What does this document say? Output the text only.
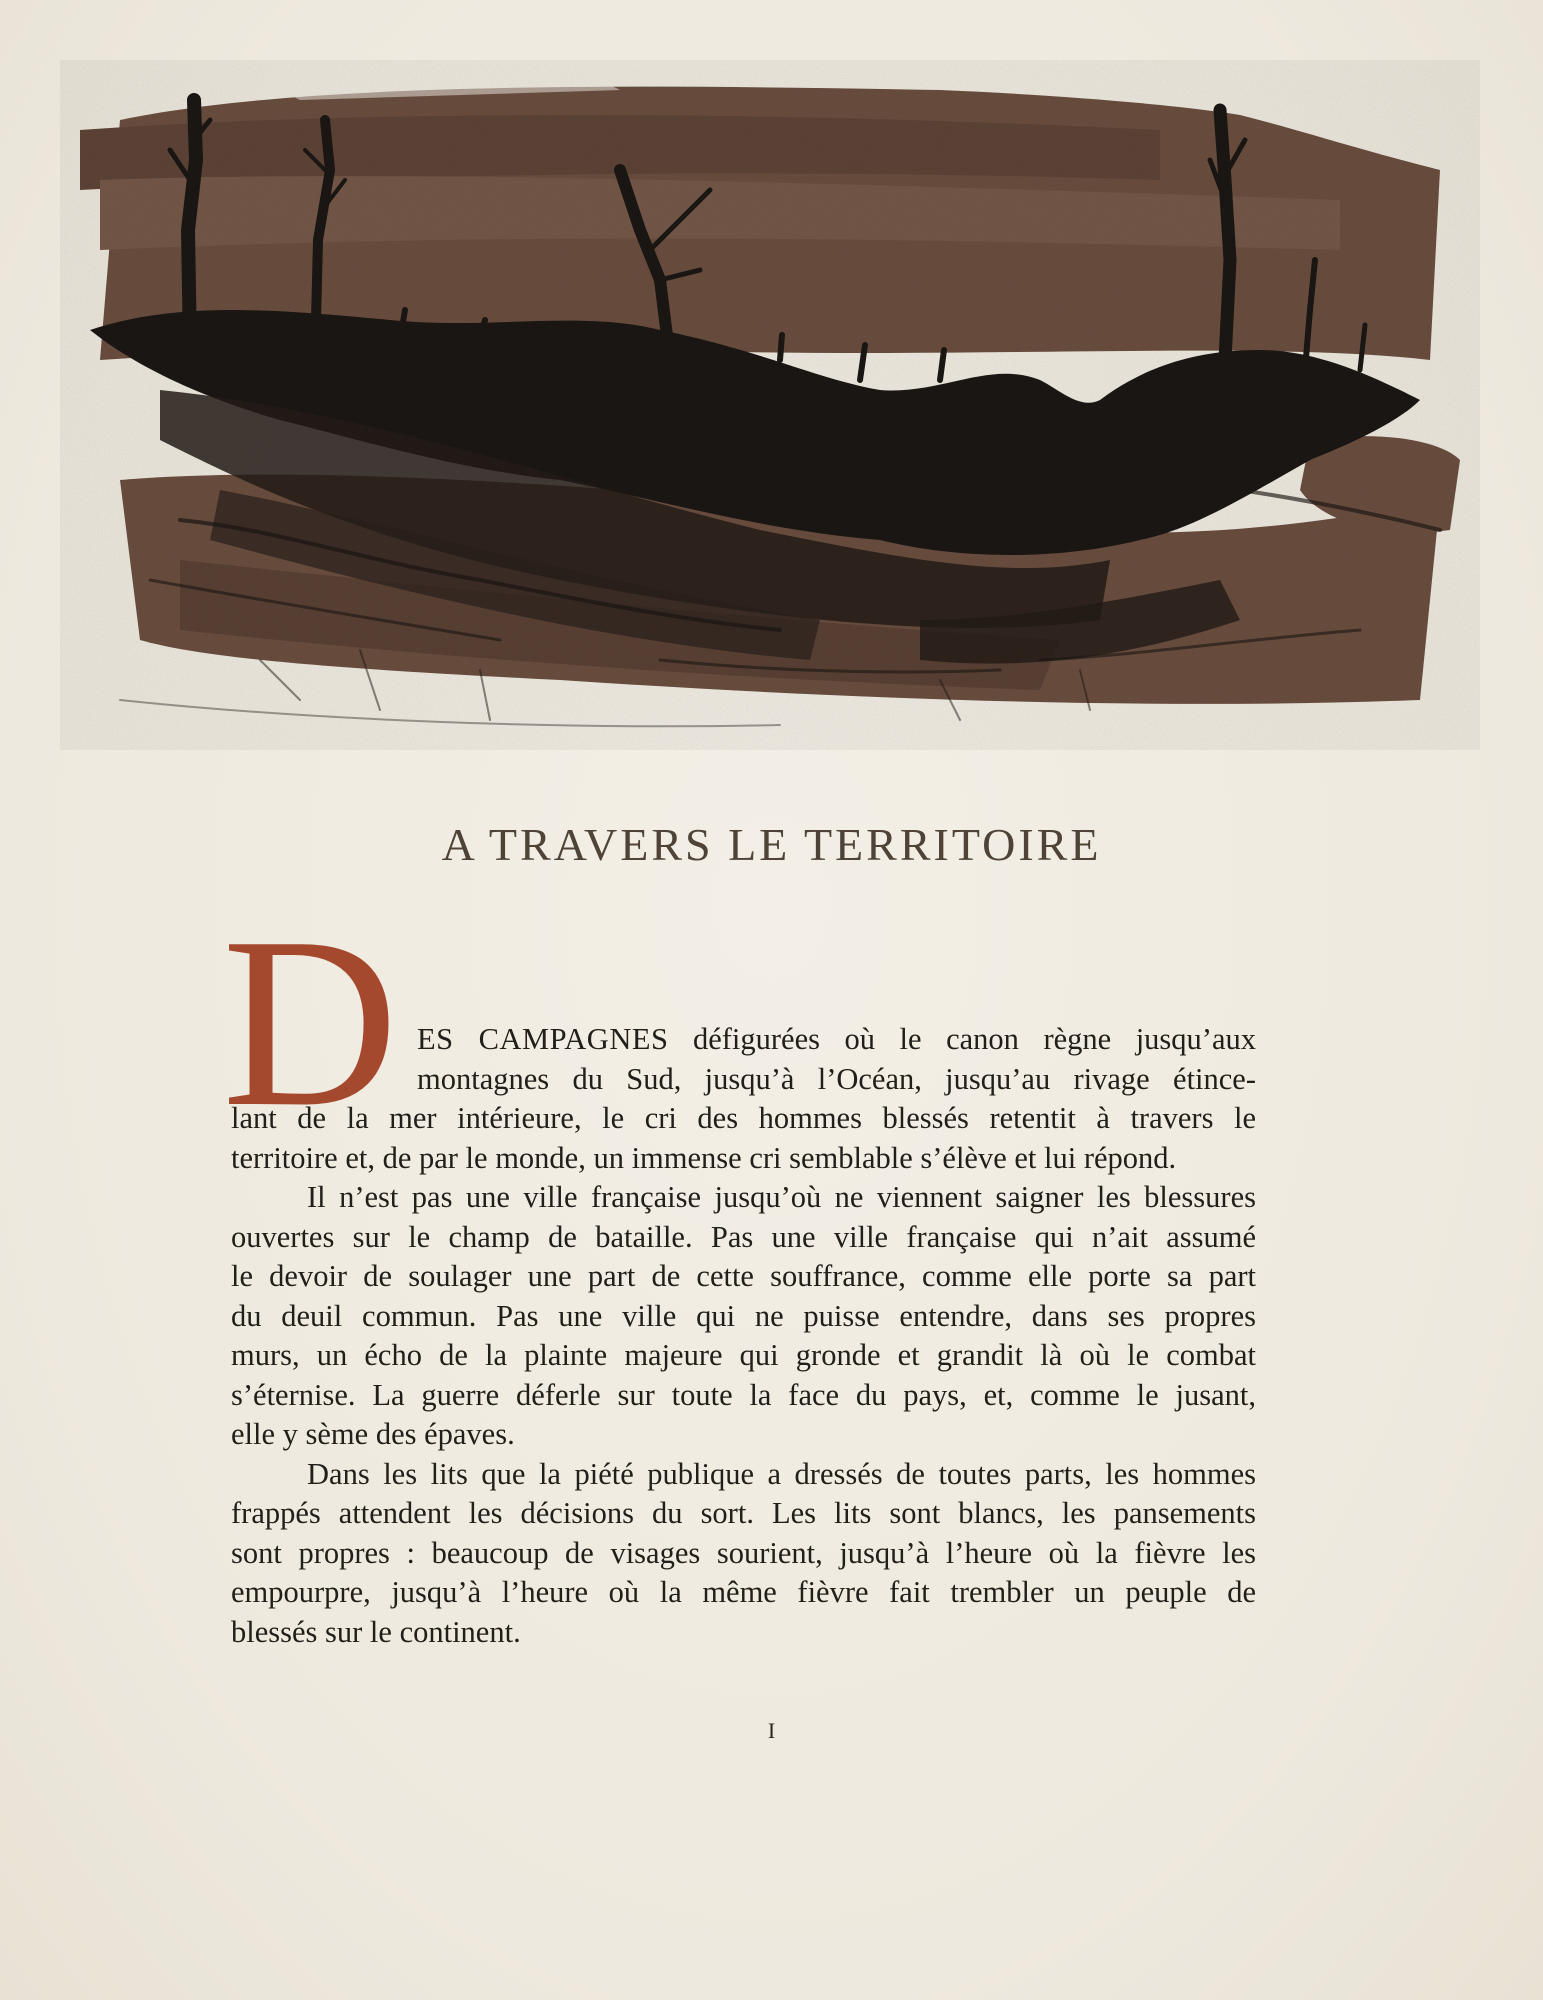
A TRAVERS LE TERRITOIRE
D ES CAMPAGNES défigurées où le canon règne jusqu’aux
montagnes du Sud, jusqu’à l’Océan, jusqu’au rivage étince-
lant de la mer intérieure, le cri des hommes blessés retentit à travers le
territoire et, de par le monde, un immense cri semblable s’élève et lui répond.
Il n’est pas une ville française jusqu’où ne viennent saigner les blessures
ouvertes sur le champ de bataille. Pas une ville française qui n’ait assumé
le devoir de soulager une part de cette souffrance, comme elle porte sa part
du deuil commun. Pas une ville qui ne puisse entendre, dans ses propres
murs, un écho de la plainte majeure qui gronde et grandit là où le combat
s’éternise. La guerre déferle sur toute la face du pays, et, comme le jusant,
elle y sème des épaves.
Dans les lits que la piété publique a dressés de toutes parts, les hommes
frappés attendent les décisions du sort. Les lits sont blancs, les pansements
sont propres : beaucoup de visages sourient, jusqu’à l’heure où la fièvre les
empourpre, jusqu’à l’heure où la même fièvre fait trembler un peuple de
blessés sur le continent.
I
